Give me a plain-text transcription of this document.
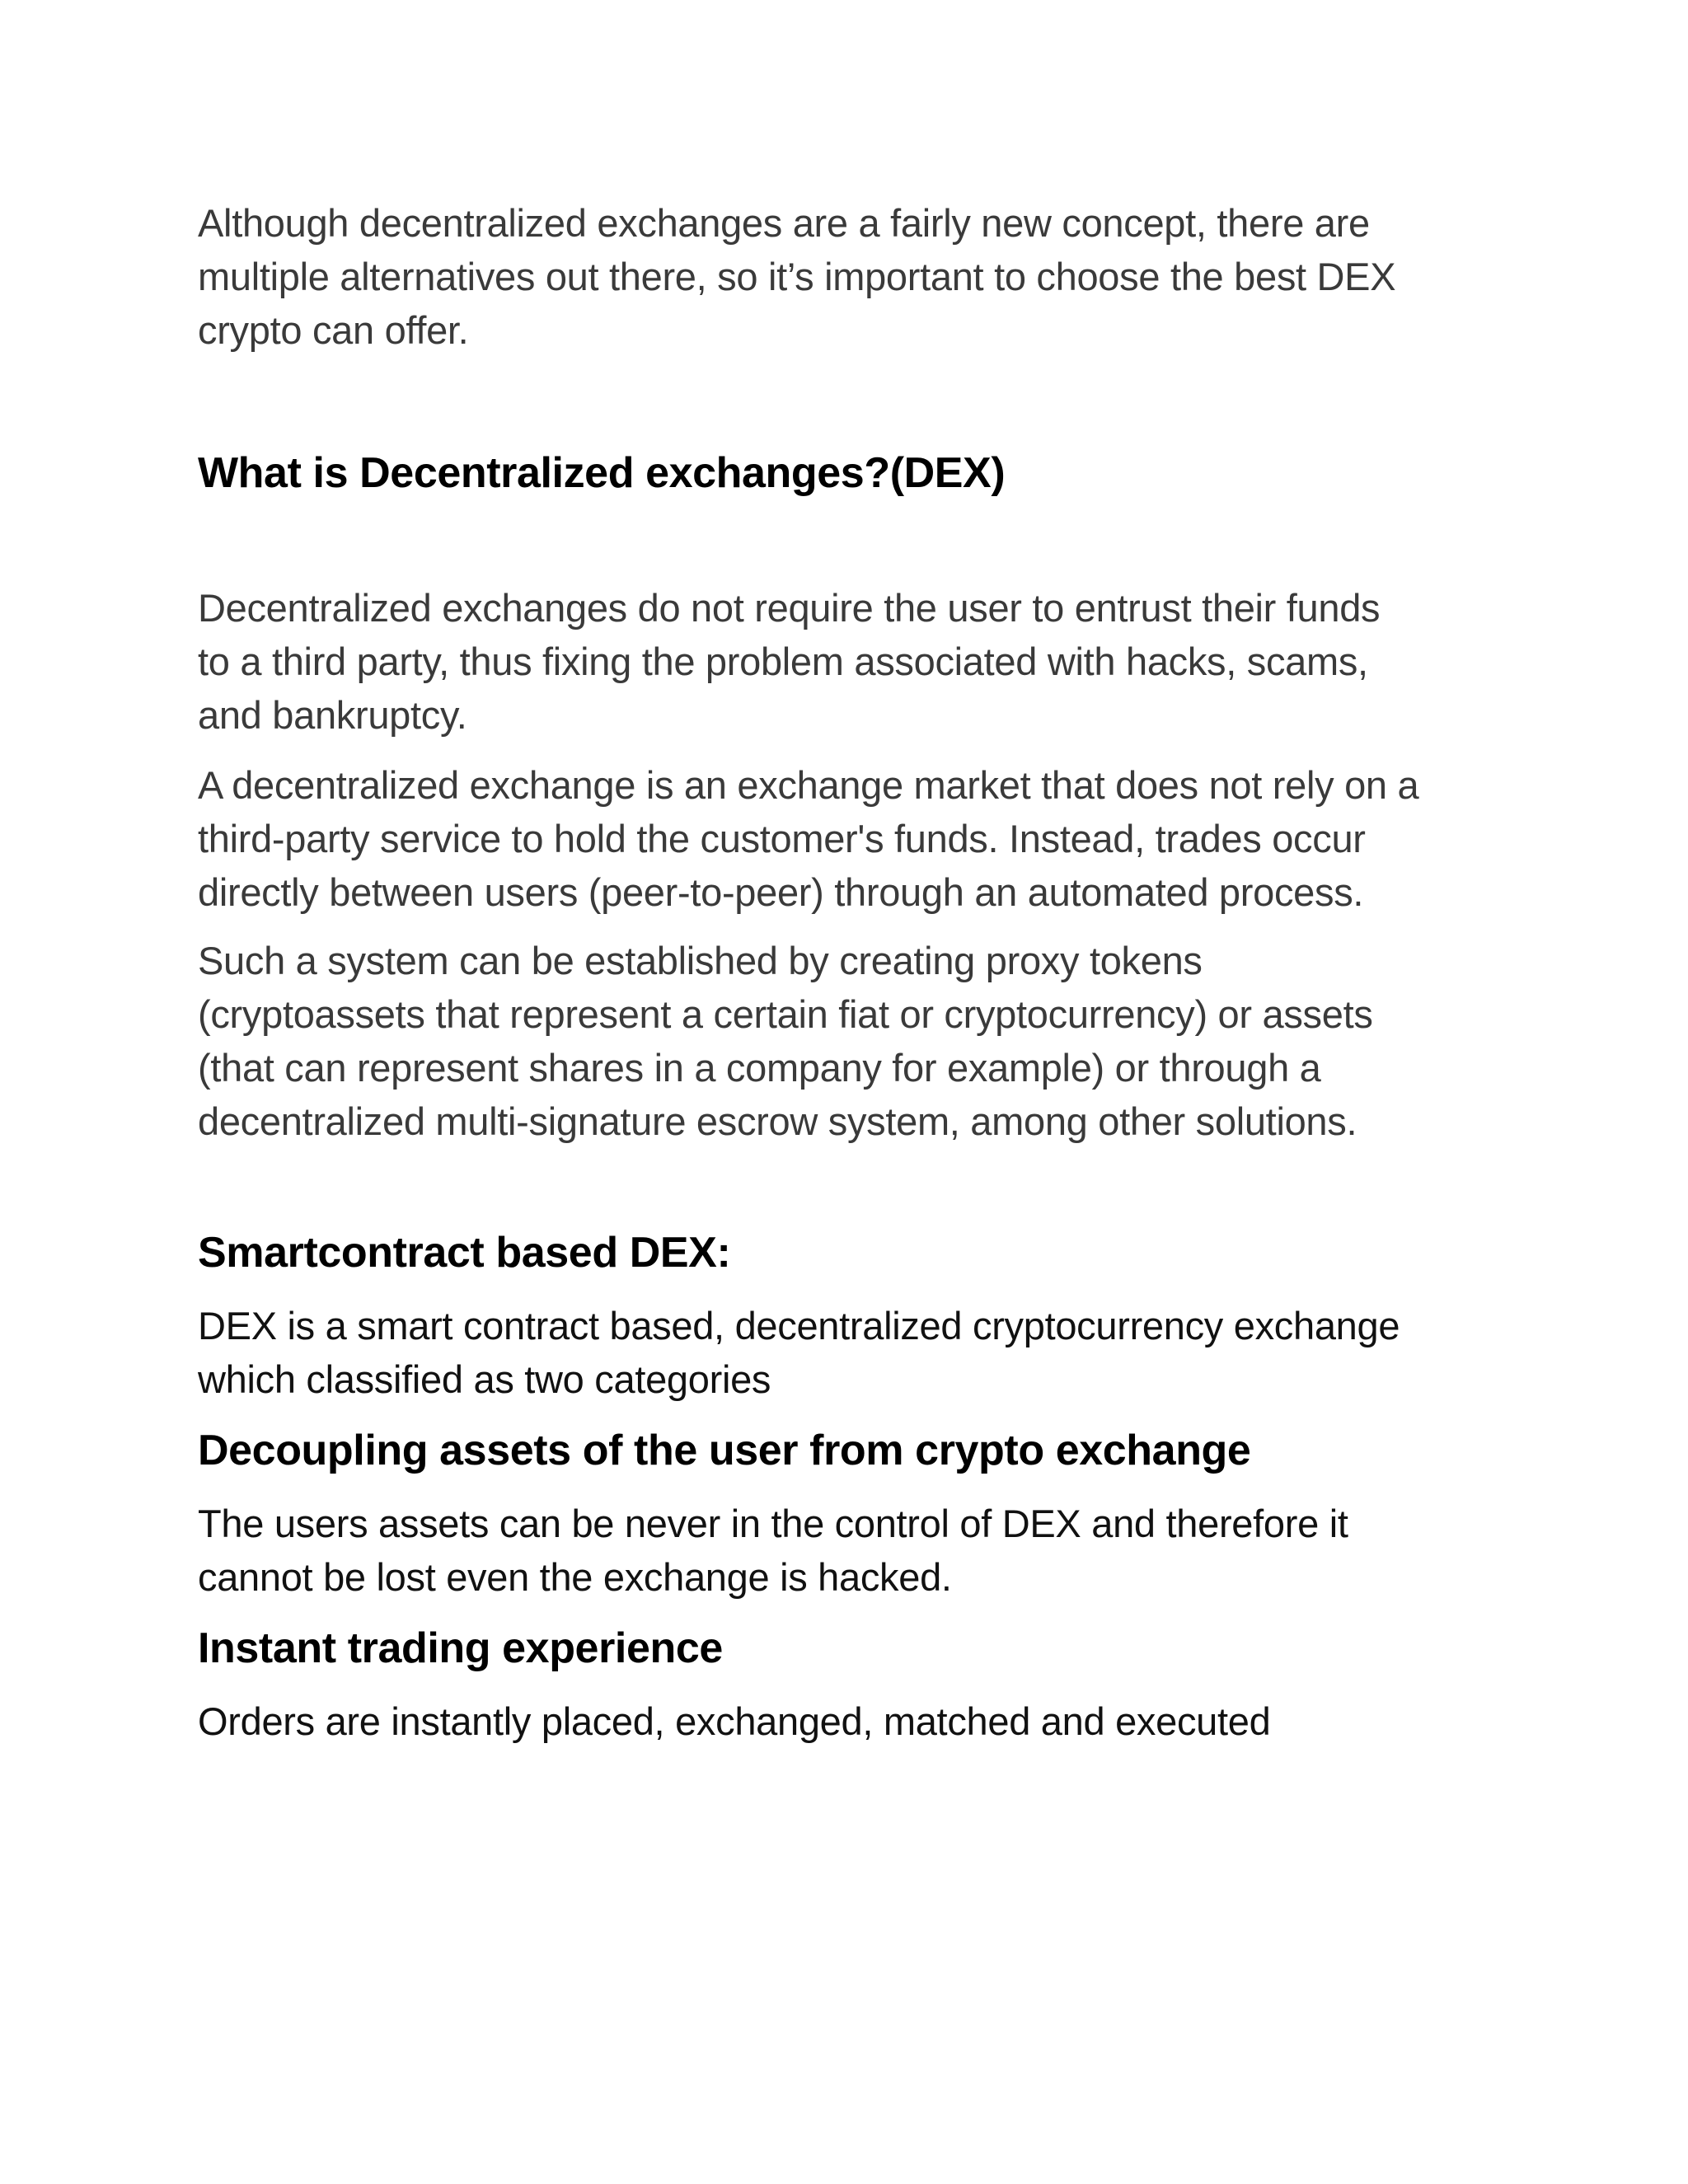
Although decentralized exchanges are a fairly new concept, there are
multiple alternatives out there, so it’s important to choose the best DEX
crypto can offer.

What is Decentralized exchanges?(DEX)

Decentralized exchanges do not require the user to entrust their funds
to a third party, thus fixing the problem associated with hacks, scams,
and bankruptcy.

A decentralized exchange is an exchange market that does not rely on a
third-party service to hold the customer's funds. Instead, trades occur
directly between users (peer-to-peer) through an automated process.

Such a system can be established by creating proxy tokens
(cryptoassets that represent a certain fiat or cryptocurrency) or assets
(that can represent shares in a company for example) or through a
decentralized multi-signature escrow system, among other solutions.

Smartcontract based DEX:

DEX is a smart contract based, decentralized cryptocurrency exchange
which classified as two categories

Decoupling assets of the user from crypto exchange

The users assets can be never in the control of DEX and therefore it
cannot be lost even the exchange is hacked.

Instant trading experience

Orders are instantly placed, exchanged, matched and executed
